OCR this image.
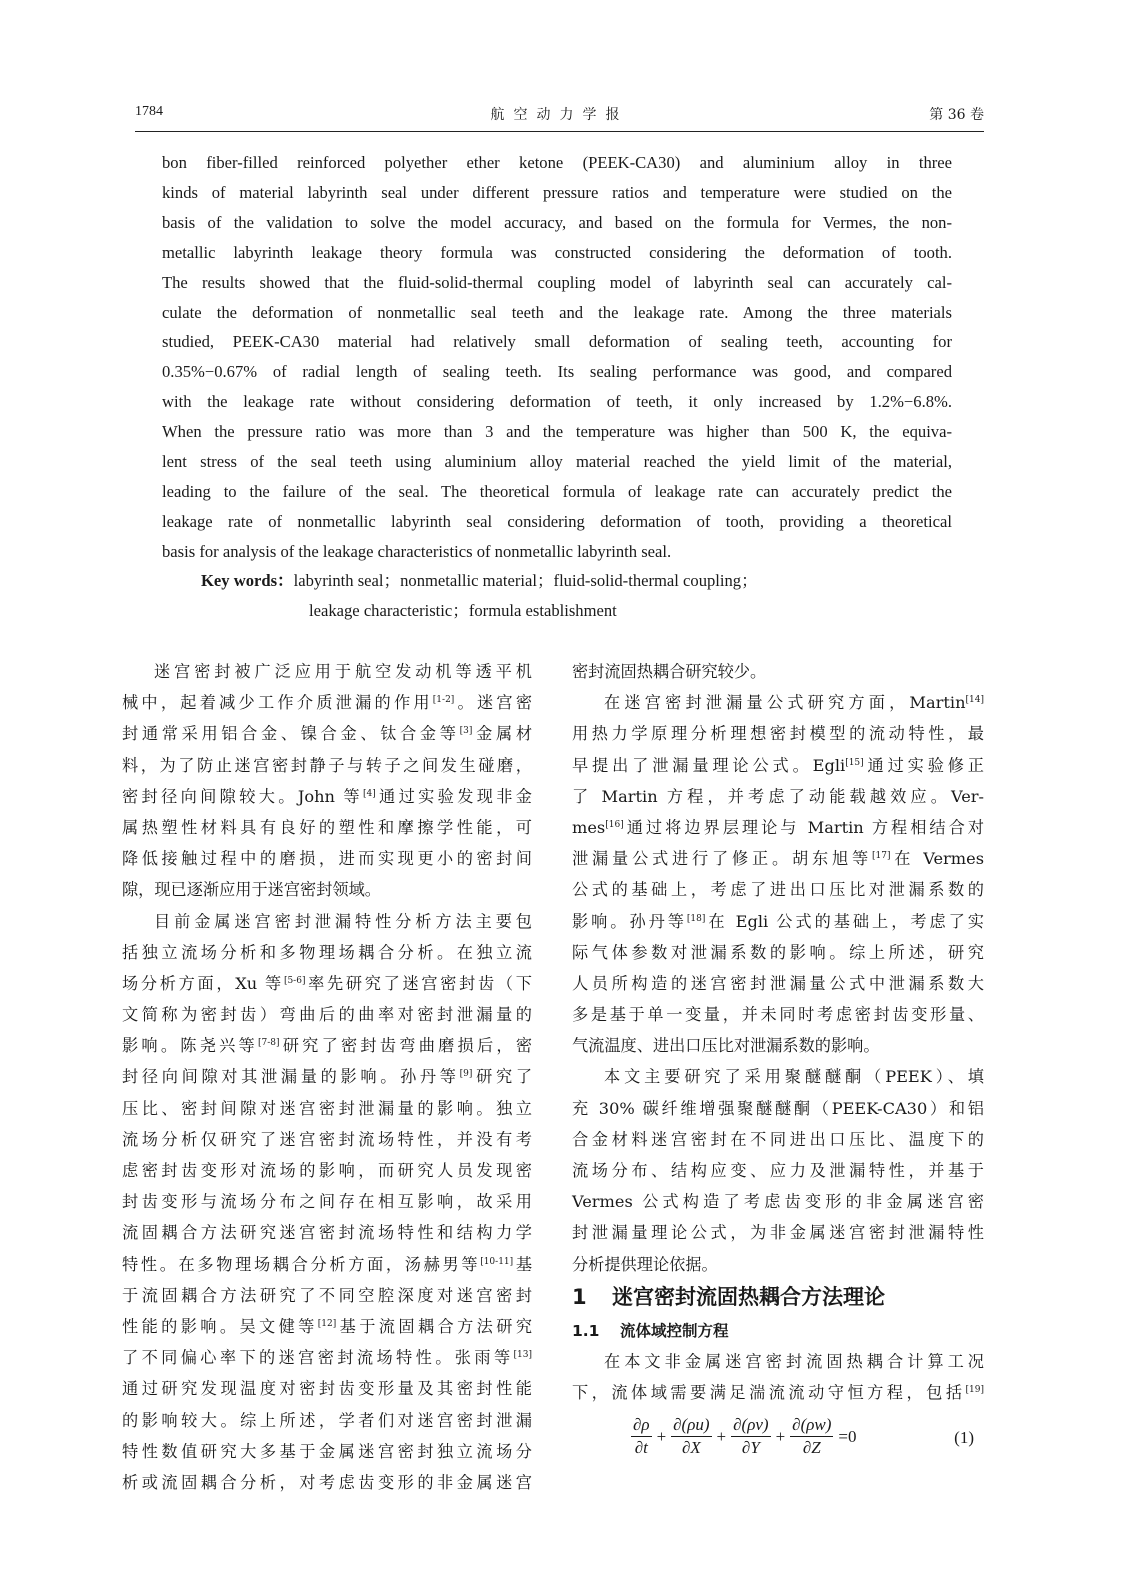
1784	航空动力学报	第 36 卷
bon fiber-filled reinforced polyether ether ketone (PEEK-CA30) and aluminium alloy in three
kinds of material labyrinth seal under different pressure ratios and temperature were studied on the
basis of the validation to solve the model accuracy, and based on the formula for Vermes, the non-
metallic labyrinth leakage theory formula was constructed considering the deformation of tooth.
The results showed that the fluid-solid-thermal coupling model of labyrinth seal can accurately cal-
culate the deformation of nonmetallic seal teeth and the leakage rate. Among the three materials
studied, PEEK-CA30 material had relatively small deformation of sealing teeth, accounting for
0.35%−0.67% of radial length of sealing teeth. Its sealing performance was good, and compared
with the leakage rate without considering deformation of teeth, it only increased by 1.2%−6.8%.
When the pressure ratio was more than 3 and the temperature was higher than 500 K, the equiva-
lent stress of the seal teeth using aluminium alloy material reached the yield limit of the material,
leading to the failure of the seal. The theoretical formula of leakage rate can accurately predict the
leakage rate of nonmetallic labyrinth seal considering deformation of tooth, providing a theoretical
basis for analysis of the leakage characteristics of nonmetallic labyrinth seal.
Key words：labyrinth seal；nonmetallic material；fluid-solid-thermal coupling；
leakage characteristic；formula establishment
迷宫密封被广泛应用于航空发动机等透平机
械中，起着减少工作介质泄漏的作用[1-2]。迷宫密
封通常采用铝合金、镍合金、钛合金等[3]金属材
料，为了防止迷宫密封静子与转子之间发生碰磨，
密封径向间隙较大。John 等[4]通过实验发现非金
属热塑性材料具有良好的塑性和摩擦学性能，可
降低接触过程中的磨损，进而实现更小的密封间
隙，现已逐渐应用于迷宫密封领域。
目前金属迷宫密封泄漏特性分析方法主要包
括独立流场分析和多物理场耦合分析。在独立流
场分析方面，Xu 等[5-6]率先研究了迷宫密封齿（下
文简称为密封齿）弯曲后的曲率对密封泄漏量的
影响。陈尧兴等[7-8]研究了密封齿弯曲磨损后，密
封径向间隙对其泄漏量的影响。孙丹等[9]研究了
压比、密封间隙对迷宫密封泄漏量的影响。独立
流场分析仅研究了迷宫密封流场特性，并没有考
虑密封齿变形对流场的影响，而研究人员发现密
封齿变形与流场分布之间存在相互影响，故采用
流固耦合方法研究迷宫密封流场特性和结构力学
特性。在多物理场耦合分析方面，汤赫男等[10-11]基
于流固耦合方法研究了不同空腔深度对迷宫密封
性能的影响。吴文健等[12]基于流固耦合方法研究
了不同偏心率下的迷宫密封流场特性。张雨等[13]
通过研究发现温度对密封齿变形量及其密封性能
的影响较大。综上所述，学者们对迷宫密封泄漏
特性数值研究大多基于金属迷宫密封独立流场分
析或流固耦合分析，对考虑齿变形的非金属迷宫
密封流固热耦合研究较少。
在迷宫密封泄漏量公式研究方面，Martin[14]
用热力学原理分析理想密封模型的流动特性，最
早提出了泄漏量理论公式。Egli[15]通过实验修正
了 Martin 方程，并考虑了动能载越效应。Ver-
mes[16]通过将边界层理论与 Martin 方程相结合对
泄漏量公式进行了修正。胡东旭等[17]在 Vermes
公式的基础上，考虑了进出口压比对泄漏系数的
影响。孙丹等[18]在 Egli 公式的基础上，考虑了实
际气体参数对泄漏系数的影响。综上所述，研究
人员所构造的迷宫密封泄漏量公式中泄漏系数大
多是基于单一变量，并未同时考虑密封齿变形量、
气流温度、进出口压比对泄漏系数的影响。
本文主要研究了采用聚醚醚酮（PEEK）、填
充 30% 碳纤维增强聚醚醚酮（PEEK-CA30）和铝
合金材料迷宫密封在不同进出口压比、温度下的
流场分布、结构应变、应力及泄漏特性，并基于
Vermes 公式构造了考虑齿变形的非金属迷宫密
封泄漏量理论公式，为非金属迷宫密封泄漏特性
分析提供理论依据。
1 迷宫密封流固热耦合方法理论
1.1 流体域控制方程
在本文非金属迷宫密封流固热耦合计算工况
下，流体域需要满足湍流流动守恒方程，包括[19]
$\frac{\partial\rho}{\partial t} + \frac{\partial(\rho u)}{\partial X} + \frac{\partial(\rho v)}{\partial Y} + \frac{\partial(\rho w)}{\partial Z} =0$	(1)
